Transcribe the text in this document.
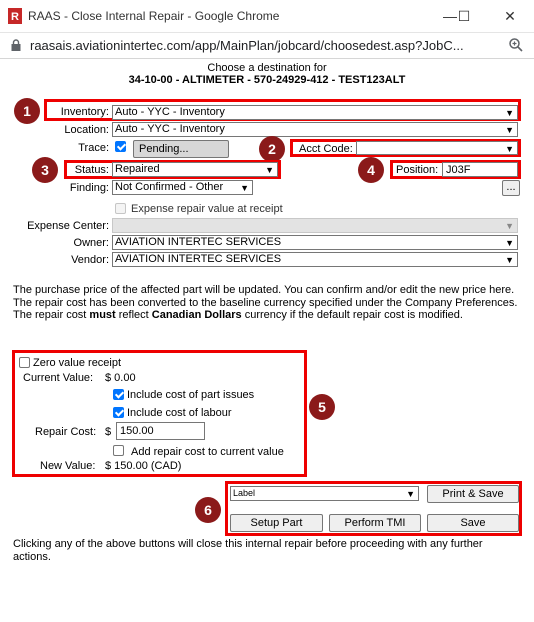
R RAAS - Close Internal Repair - Google Chrome	— ☐	✕
raasais.aviationintertec.com/app/MainPlan/jobcard/choosedest.asp?JobC...
Choose a destination for
34-10-00 - ALTIMETER - 570-24929-412 - TEST123ALT
1	Inventory: Auto - YYC - Inventory	▼
Location: Auto - YYC - Inventory	▼
Trace:	Pending...	2	Acct Code:	▼
3	Status: Repaired	▼	4	Position: J03F
Finding: Not Confirmed - Other ▼	...
Expense repair value at receipt
Expense Center:	▼
Owner: AVIATION INTERTEC SERVICES	▼
Vendor: AVIATION INTERTEC SERVICES	▼
The purchase price of the affected part will be updated. You can confirm and/or edit the new price here. The repair cost has been converted to the baseline currency specified under the Company Preferences. The repair cost must reflect Canadian Dollars currency if the default repair cost is modified.
5
Zero value receipt
Current Value: $ 0.00
Include cost of part issues
Include cost of labour
Repair Cost: $ 150.00
Add repair cost to current value
New Value: $ 150.00 (CAD)
6
Label	▼	Print & Save
Setup Part	Perform TMI	Save
Clicking any of the above buttons will close this internal repair before proceeding with any further actions.
